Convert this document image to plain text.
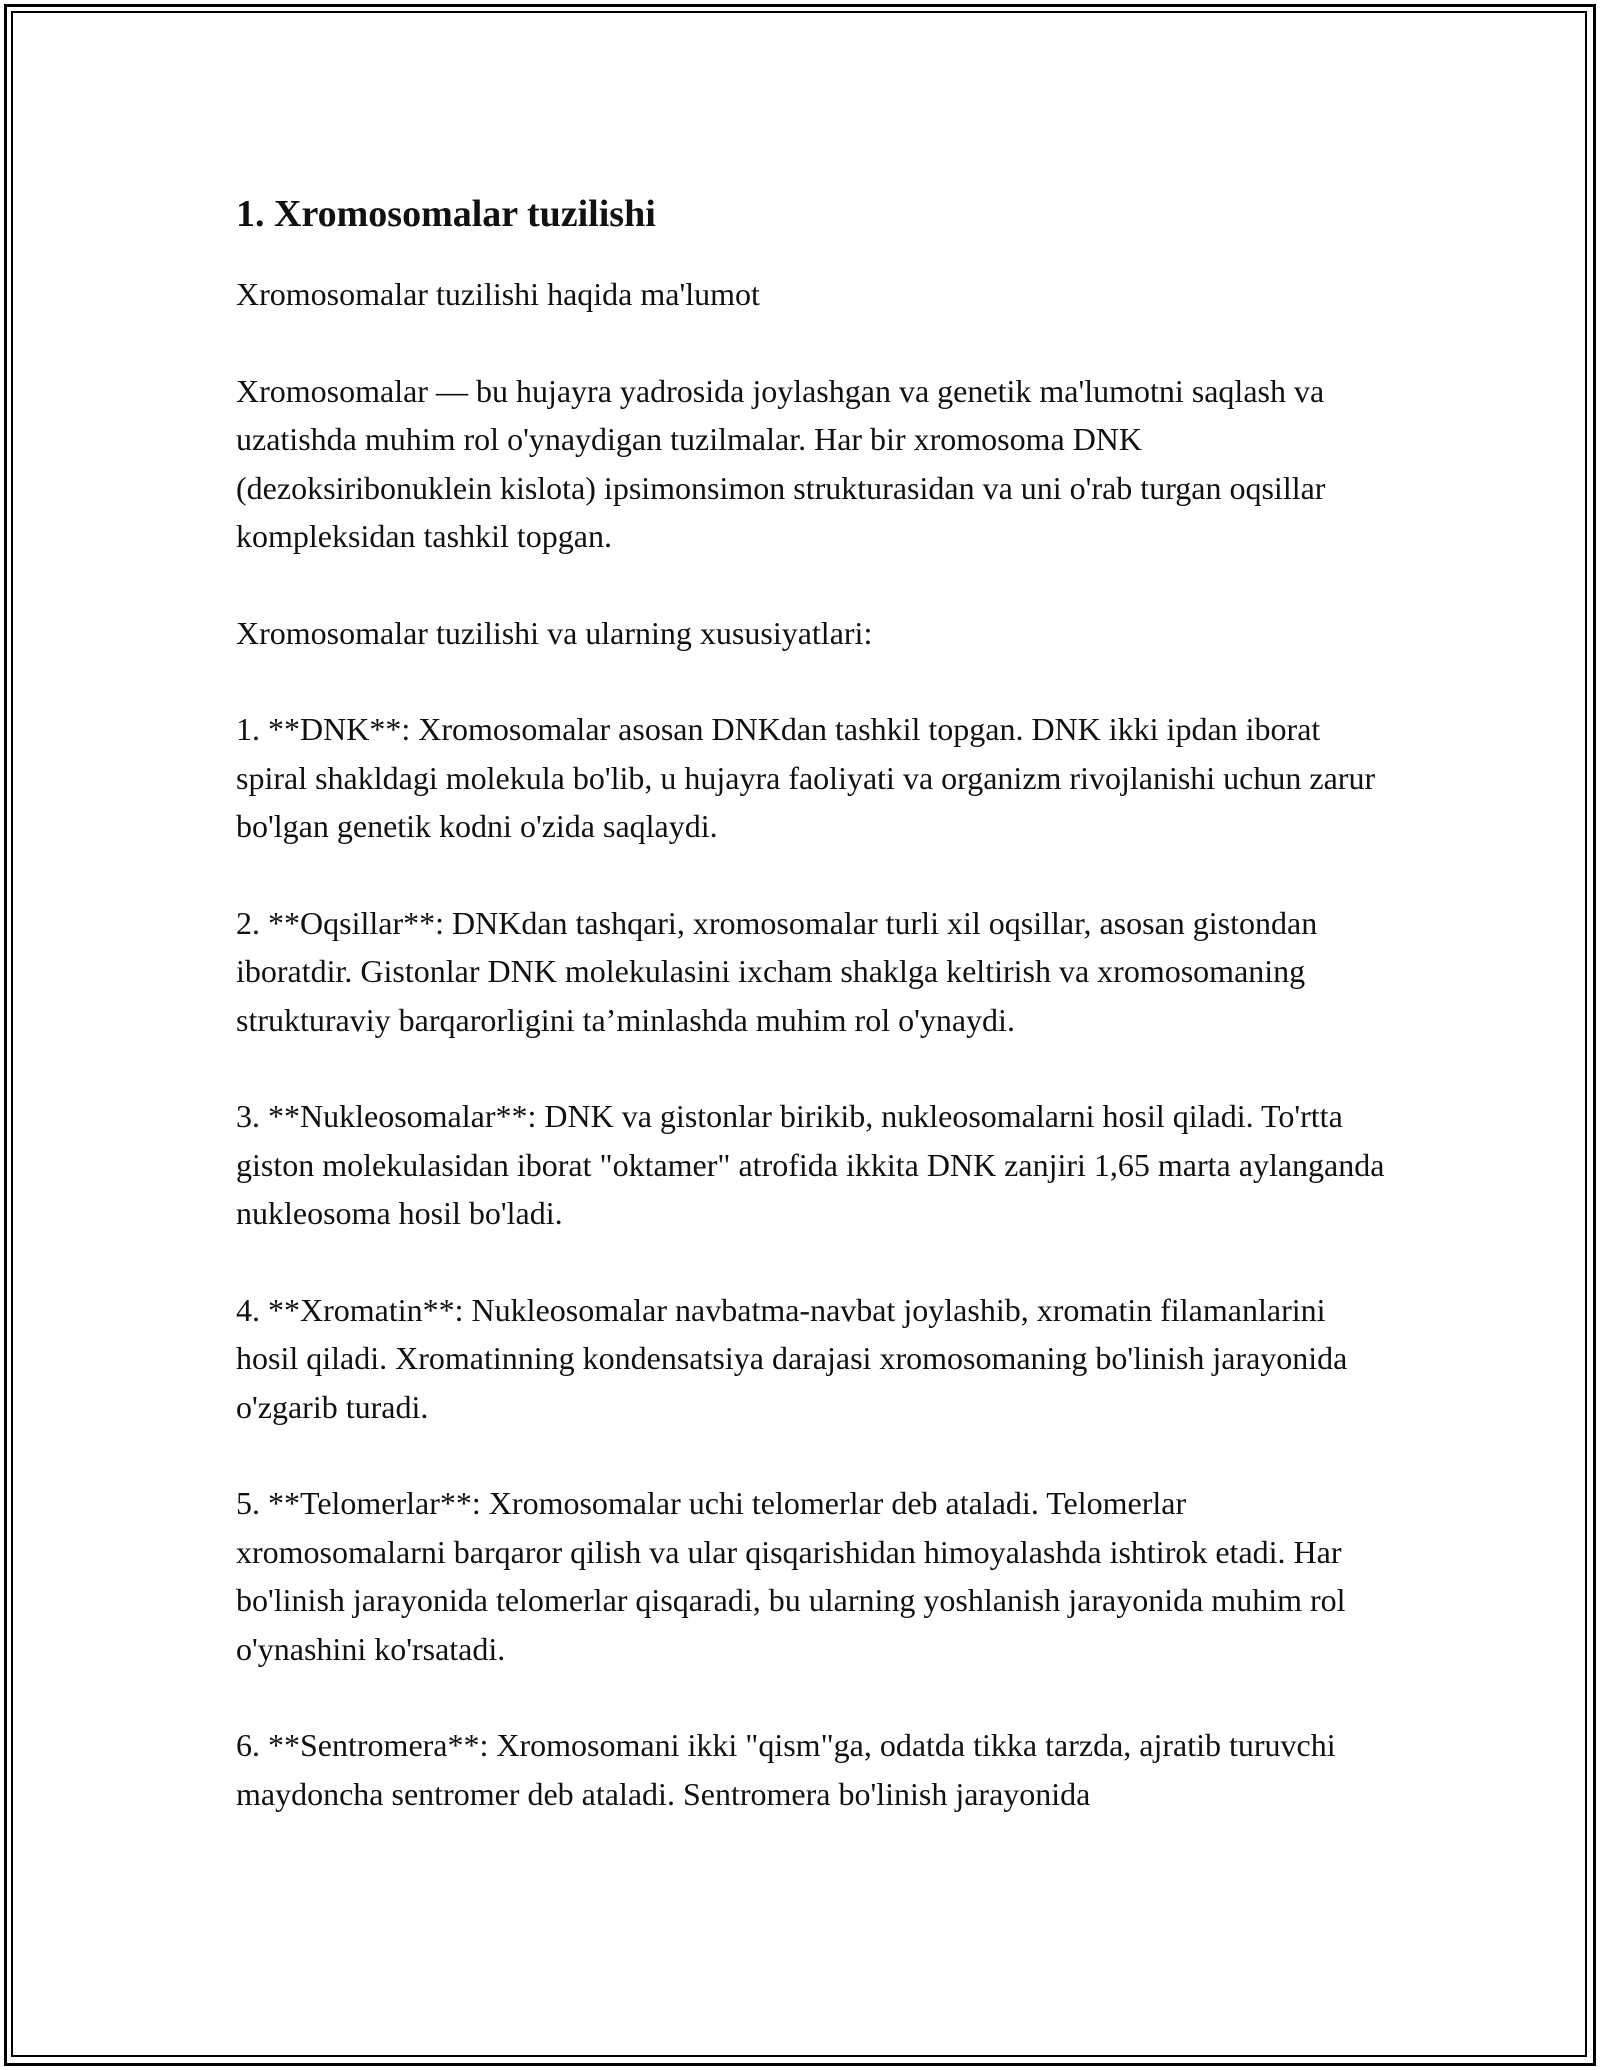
1. Xromosomalar tuzilishi

Xromosomalar tuzilishi haqida ma'lumot

Xromosomalar — bu hujayra yadrosida joylashgan va genetik ma'lumotni saqlash va uzatishda muhim rol o'ynaydigan tuzilmalar. Har bir xromosoma DNK (dezoksiribonuklein kislota) ipsimonsimon strukturasidan va uni o'rab turgan oqsillar kompleksidan tashkil topgan.

Xromosomalar tuzilishi va ularning xususiyatlari:

1. **DNK**: Xromosomalar asosan DNKdan tashkil topgan. DNK ikki ipdan iborat spiral shakldagi molekula bo'lib, u hujayra faoliyati va organizm rivojlanishi uchun zarur bo'lgan genetik kodni o'zida saqlaydi.

2. **Oqsillar**: DNKdan tashqari, xromosomalar turli xil oqsillar, asosan gistondan iboratdir. Gistonlar DNK molekulasini ixcham shaklga keltirish va xromosomaning strukturaviy barqarorligini ta’minlashda muhim rol o'ynaydi.

3. **Nukleosomalar**: DNK va gistonlar birikib, nukleosomalarni hosil qiladi. To'rtta giston molekulasidan iborat "oktamer" atrofida ikkita DNK zanjiri 1,65 marta aylanganda nukleosoma hosil bo'ladi.

4. **Xromatin**: Nukleosomalar navbatma-navbat joylashib, xromatin filamanlarini hosil qiladi. Xromatinning kondensatsiya darajasi xromosomaning bo'linish jarayonida o'zgarib turadi.

5. **Telomerlar**: Xromosomalar uchi telomerlar deb ataladi. Telomerlar xromosomalarni barqaror qilish va ular qisqarishidan himoyalashda ishtirok etadi. Har bo'linish jarayonida telomerlar qisqaradi, bu ularning yoshlanish jarayonida muhim rol o'ynashini ko'rsatadi.

6. **Sentromera**: Xromosomani ikki "qism"ga, odatda tikka tarzda, ajratib turuvchi maydoncha sentromer deb ataladi. Sentromera bo'linish jarayonida
